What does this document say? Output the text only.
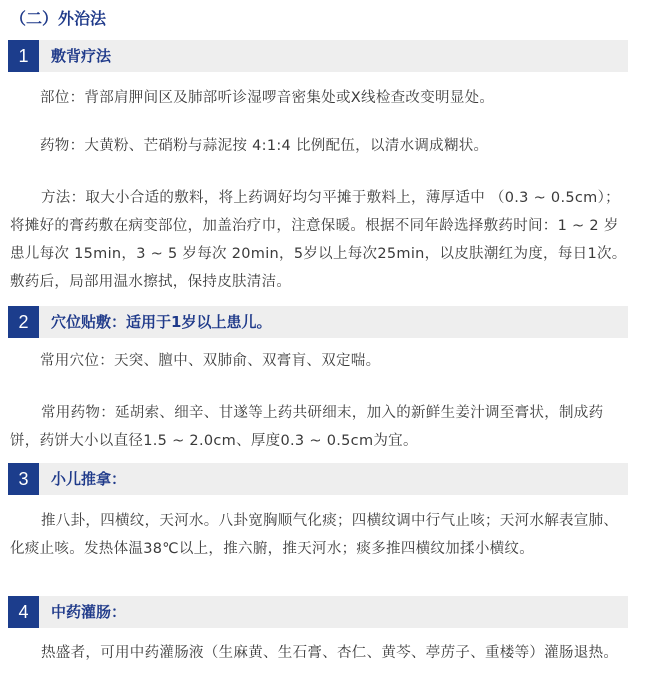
（二）外治法
1	敷背疗法
部位：背部肩胛间区及肺部听诊湿啰音密集处或X线检查改变明显处。
药物：大黄粉、芒硝粉与蒜泥按 4:1:4 比例配伍，以清水调成糊状。
方法：取大小合适的敷料，将上药调好均匀平摊于敷料上，薄厚适中 （0.3 ~ 0.5cm）；将摊好的膏药敷在病变部位，加盖治疗巾，注意保暖。根据不同年龄选择敷药时间：1 ~ 2 岁患儿每次 15min，3 ~ 5 岁每次 20min，5岁以上每次25min，以皮肤潮红为度，每日1次。敷药后，局部用温水擦拭，保持皮肤清洁。
2	穴位贴敷：适用于1岁以上患儿。
常用穴位：天突、膻中、双肺俞、双膏肓、双定喘。
常用药物：延胡索、细辛、甘遂等上药共研细末，加入的新鲜生姜汁调至膏状，制成药饼，药饼大小以直径1.5 ~ 2.0cm、厚度0.3 ~ 0.5cm为宜。
3	小儿推拿：
推八卦，四横纹，天河水。八卦宽胸顺气化痰；四横纹调中行气止咳；天河水解表宣肺、化痰止咳。发热体温38℃以上，推六腑，推天河水；痰多推四横纹加揉小横纹。
4	中药灌肠：
热盛者，可用中药灌肠液（生麻黄、生石膏、杏仁、黄芩、葶苈子、重楼等）灌肠退热。
